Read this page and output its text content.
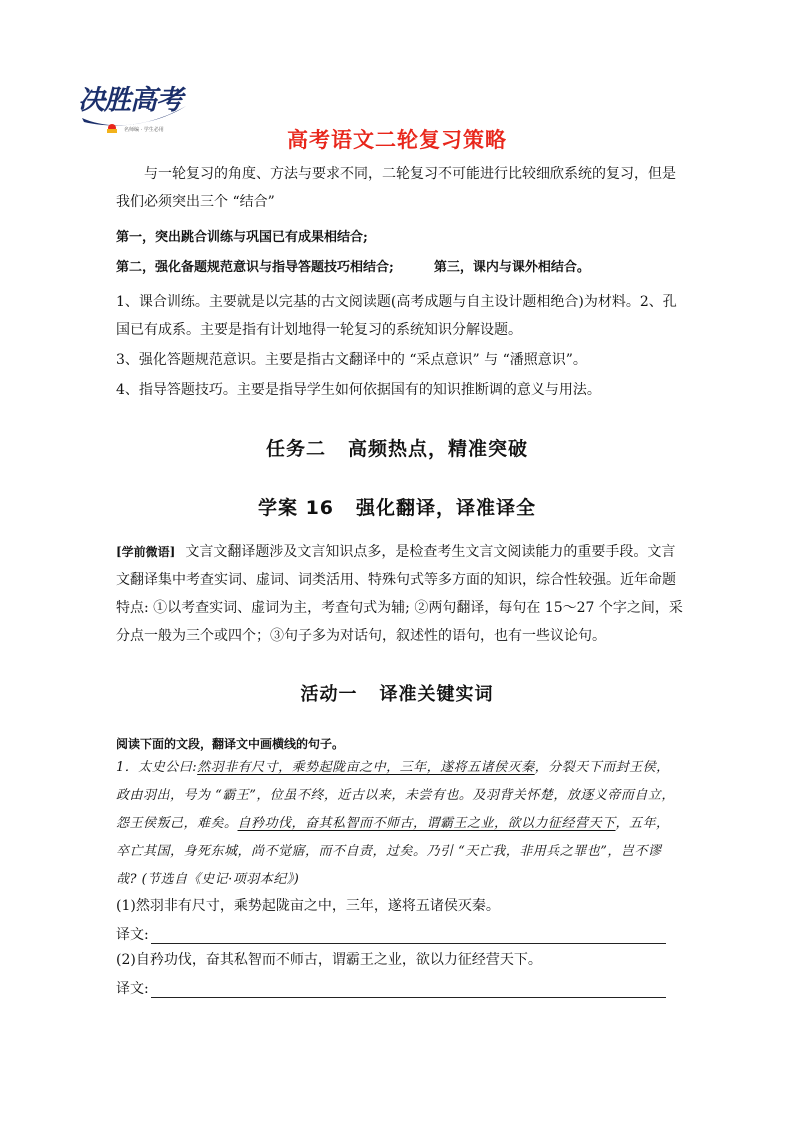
决胜高考
名师编 · 学生必用	高考语文二轮复习策略
与一轮复习的角度、方法与要求不同，二轮复习不可能进行比较细欣系统的复习，但是
我们必须突出三个 “结合”
第一，突出跳合训练与巩国已有成果相结合;
第二，强化备题规范意识与指导答题技巧相结合;	第三，课内与课外相结合。
1、课合训练。主要就是以完基的古文阅读题(高考成题与自主设计题相绝合)为材料。2、孔
国已有成系。主要是指有计划地得一轮复习的系统知识分解设题。
3、强化答题规范意识。主要是指古文翻译中的 “采点意识” 与 “潘照意识”。
4、指导答题技巧。主要是指导学生如何依据国有的知识推断调的意义与用法。
任务二 高频热点，精准突破
学案 16 强化翻译，译准译全
[学前微语] 文言文翻译题涉及文言知识点多，是检查考生文言文阅读能力的重要手段。文言
文翻译集中考查实词、虚词、词类活用、特殊句式等多方面的知识，综合性较强。近年命题
特点: ①以考查实词、虚词为主，考查句式为辅; ②两句翻译，每句在 15～27 个字之间，采
分点一般为三个或四个；③句子多为对话句，叙述性的语句，也有一些议论句。
活动一 译准关键实词
阅读下面的文段，翻译文中画横线的句子。
1．太史公曰:然羽非有尺寸，乘势起陇亩之中，三年，遂将五诸侯灭秦，分裂天下而封王侯，
政由羽出，号为 “霸王”，位虽不终，近古以来，未尝有也。及羽背关怀楚，放逐义帝而自立，
怨王侯叛己，难矣。自矜功伐，奋其私智而不师古，谓霸王之业，欲以力征经营天下，五年，
卒亡其国，身死东城，尚不觉寤，而不自责，过矣。乃引 “天亡我，非用兵之罪也”，岂不谬
哉? (节选自《史记·项羽本纪》)
(1)然羽非有尺寸，乘势起陇亩之中，三年，遂将五诸侯灭秦。
译文:
(2)自矜功伐，奋其私智而不师古，谓霸王之业，欲以力征经营天下。
译文:
